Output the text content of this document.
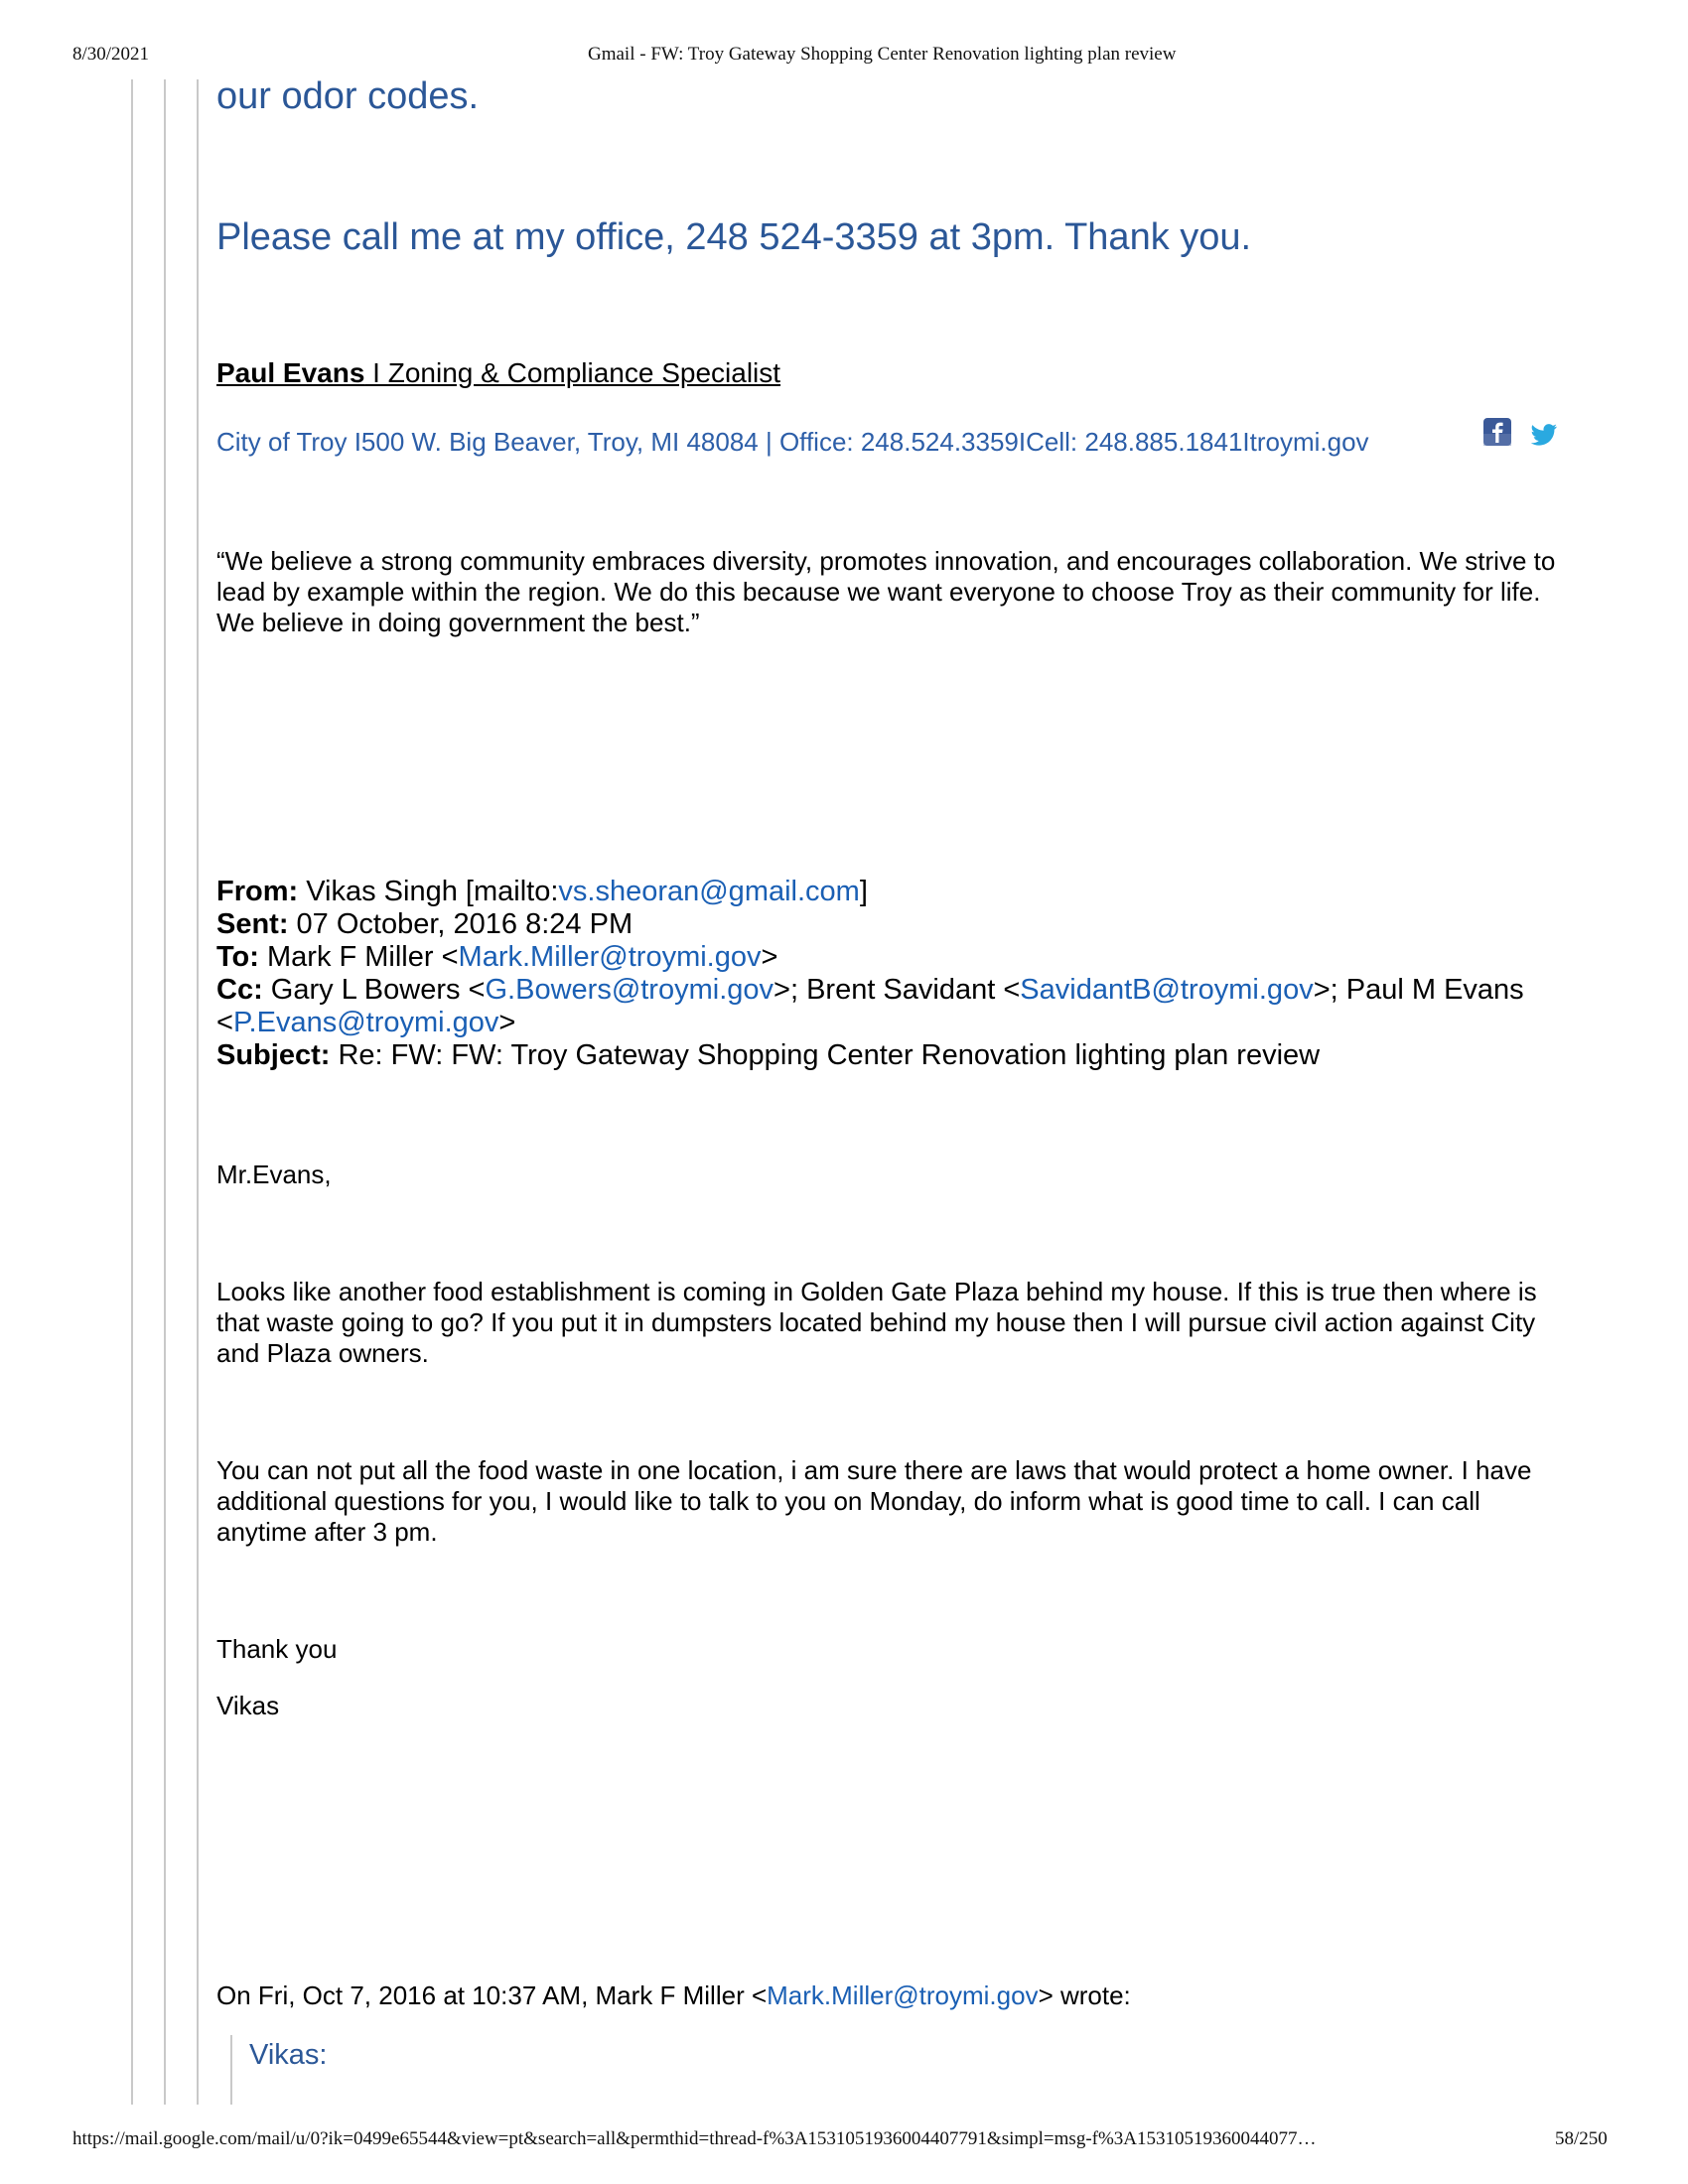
8/30/2021	Gmail - FW: Troy Gateway Shopping Center Renovation lighting plan review
our odor codes.
Please call me at my office, 248 524-3359 at 3pm. Thank you.
Paul Evans I Zoning & Compliance Specialist
City of Troy I500 W. Big Beaver, Troy, MI 48084 | Office: 248.524.3359ICell: 248.885.1841Itroymi.gov
“We believe a strong community embraces diversity, promotes innovation, and encourages collaboration. We strive to lead by example within the region. We do this because we want everyone to choose Troy as their community for life. We believe in doing government the best.”
From: Vikas Singh [mailto:vs.sheoran@gmail.com]
Sent: 07 October, 2016 8:24 PM
To: Mark F Miller <Mark.Miller@troymi.gov>
Cc: Gary L Bowers <G.Bowers@troymi.gov>; Brent Savidant <SavidantB@troymi.gov>; Paul M Evans <P.Evans@troymi.gov>
Subject: Re: FW: FW: Troy Gateway Shopping Center Renovation lighting plan review
Mr.Evans,
Looks like another food establishment is coming in Golden Gate Plaza behind my house. If this is true then where is that waste going to go? If you put it in dumpsters located behind my house then I will pursue civil action against City and Plaza owners.
You can not put all the food waste in one location, i am sure there are laws that would protect a home owner. I have additional questions for you, I would like to talk to you on Monday, do inform what is good time to call. I can call anytime after 3 pm.
Thank you
Vikas
On Fri, Oct 7, 2016 at 10:37 AM, Mark F Miller <Mark.Miller@troymi.gov> wrote:
Vikas:
https://mail.google.com/mail/u/0?ik=0499e65544&view=pt&search=all&permthid=thread-f%3A1531051936004407791&simpl=msg-f%3A15310519360044077…	58/250
